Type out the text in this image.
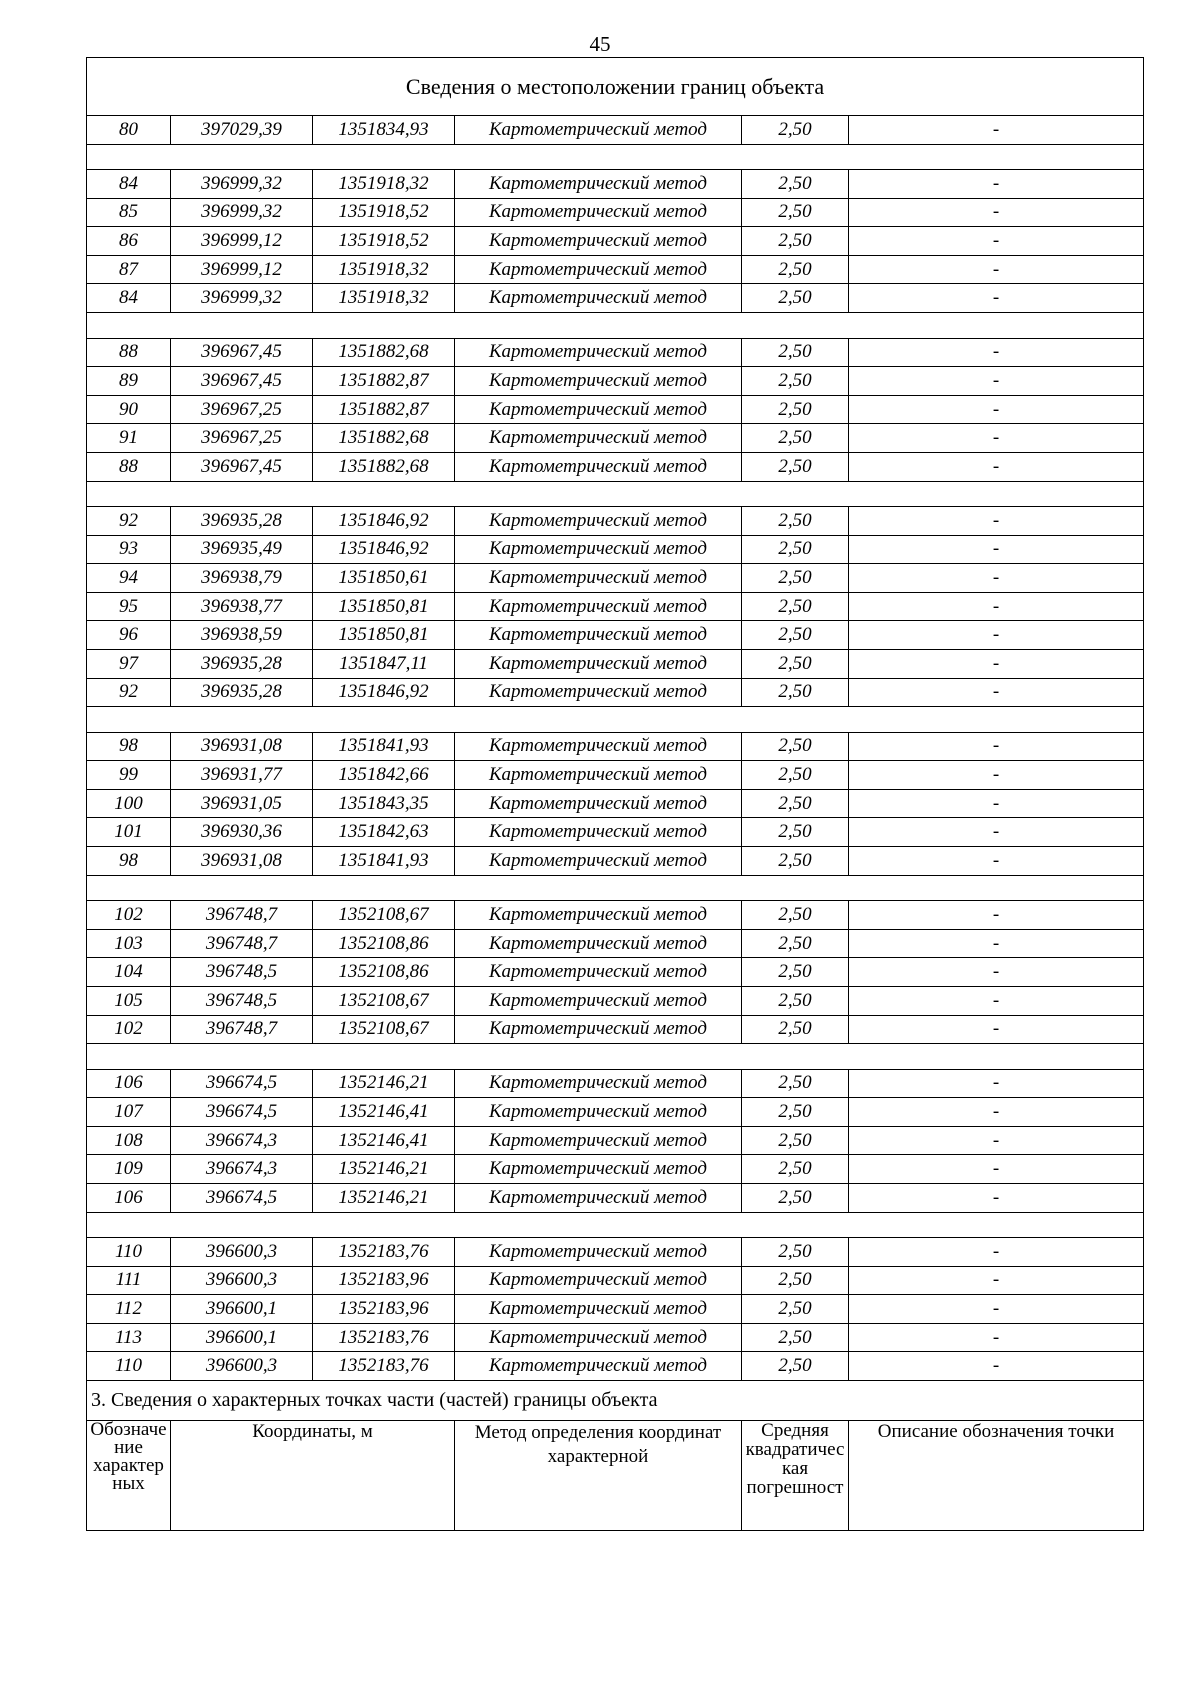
45
Сведения о местоположении границ объекта					
80	397029,39	1351834,93	Картометрический метод	2,50	-

84	396999,32	1351918,32	Картометрический метод	2,50	-
85	396999,32	1351918,52	Картометрический метод	2,50	-
86	396999,12	1351918,52	Картометрический метод	2,50	-
87	396999,12	1351918,32	Картометрический метод	2,50	-
84	396999,32	1351918,32	Картометрический метод	2,50	-

88	396967,45	1351882,68	Картометрический метод	2,50	-
89	396967,45	1351882,87	Картометрический метод	2,50	-
90	396967,25	1351882,87	Картометрический метод	2,50	-
91	396967,25	1351882,68	Картометрический метод	2,50	-
88	396967,45	1351882,68	Картометрический метод	2,50	-

92	396935,28	1351846,92	Картометрический метод	2,50	-
93	396935,49	1351846,92	Картометрический метод	2,50	-
94	396938,79	1351850,61	Картометрический метод	2,50	-
95	396938,77	1351850,81	Картометрический метод	2,50	-
96	396938,59	1351850,81	Картометрический метод	2,50	-
97	396935,28	1351847,11	Картометрический метод	2,50	-
92	396935,28	1351846,92	Картометрический метод	2,50	-

98	396931,08	1351841,93	Картометрический метод	2,50	-
99	396931,77	1351842,66	Картометрический метод	2,50	-
100	396931,05	1351843,35	Картометрический метод	2,50	-
101	396930,36	1351842,63	Картометрический метод	2,50	-
98	396931,08	1351841,93	Картометрический метод	2,50	-

102	396748,7	1352108,67	Картометрический метод	2,50	-
103	396748,7	1352108,86	Картометрический метод	2,50	-
104	396748,5	1352108,86	Картометрический метод	2,50	-
105	396748,5	1352108,67	Картометрический метод	2,50	-
102	396748,7	1352108,67	Картометрический метод	2,50	-

106	396674,5	1352146,21	Картометрический метод	2,50	-
107	396674,5	1352146,41	Картометрический метод	2,50	-
108	396674,3	1352146,41	Картометрический метод	2,50	-
109	396674,3	1352146,21	Картометрический метод	2,50	-
106	396674,5	1352146,21	Картометрический метод	2,50	-

110	396600,3	1352183,76	Картометрический метод	2,50	-
111	396600,3	1352183,96	Картометрический метод	2,50	-
112	396600,1	1352183,96	Картометрический метод	2,50	-
113	396600,1	1352183,76	Картометрический метод	2,50	-
110	396600,3	1352183,76	Картометрический метод	2,50	-
3. Сведения о характерных точках части (частей) границы объекта					
Обозначе ние характер ных	Координаты, м		Метод определения координат характерной	Средняя квадратичес кая погрешност	Описание обозначения точки
